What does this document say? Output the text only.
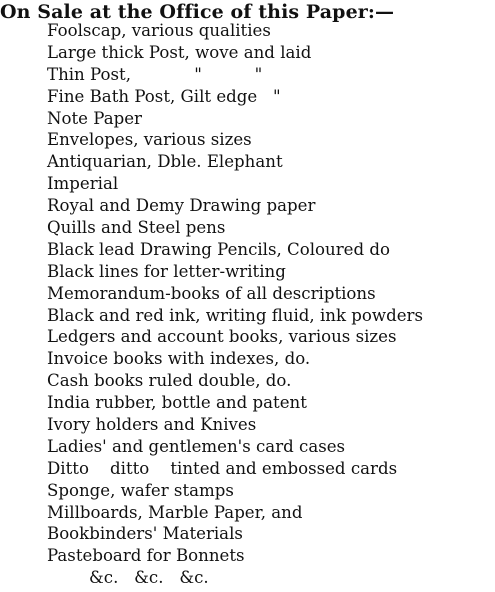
On Sale at the Office of this Paper:—
Foolscap, various qualities
Large thick Post, wove and laid
Thin Post,            "          "
Fine Bath Post, Gilt edge   "
Note Paper
Envelopes, various sizes
Antiquarian, Dble. Elephant
Imperial
Royal and Demy Drawing paper
Quills and Steel pens
Black lead Drawing Pencils, Coloured do
Black lines for letter-writing
Memorandum-books of all descriptions
Black and red ink, writing fluid, ink powders
Ledgers and account books, various sizes
Invoice books with indexes, do.
Cash books ruled double, do.
India rubber, bottle and patent
Ivory holders and Knives
Ladies' and gentlemen's card cases
Ditto    ditto    tinted and embossed cards
Sponge, wafer stamps
Millboards, Marble Paper, and
Bookbinders' Materials
Pasteboard for Bonnets
&c.   &c.   &c.
